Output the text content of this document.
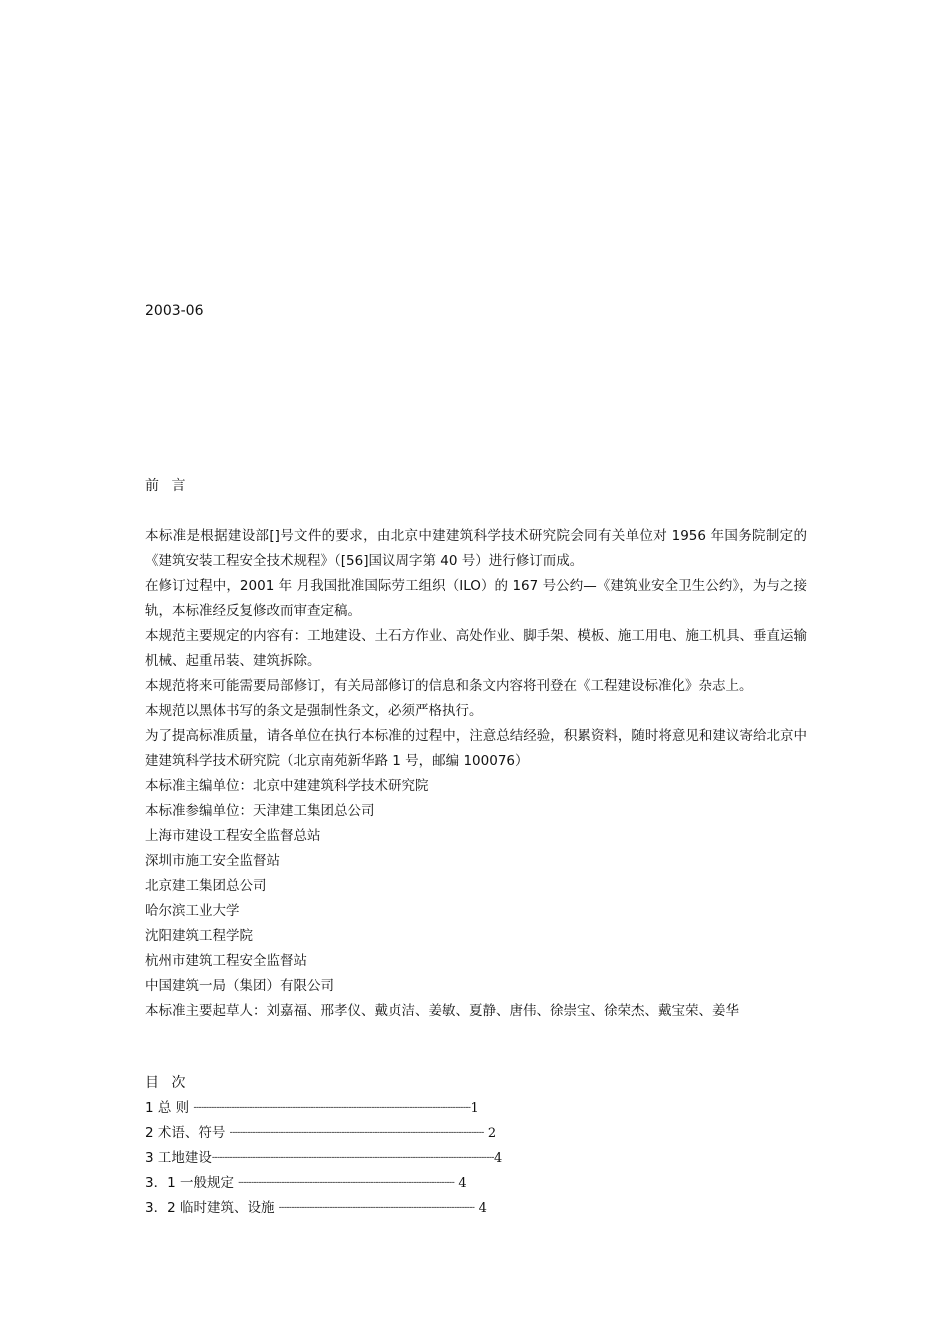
2003-06
前 言

本标准是根据建设部[]号文件的要求，由北京中建建筑科学技术研究院会同有关单位对 1956 年国务院制定的《建筑安装工程安全技术规程》（[56]国议周字第 40 号）进行修订而成。

在修订过程中，2001 年 月我国批准国际劳工组织（ILO）的 167 号公约—《建筑业安全卫生公约》，为与之接轨，本标准经反复修改而审查定稿。

本规范主要规定的内容有：工地建设、土石方作业、高处作业、脚手架、模板、施工用电、施工机具、垂直运输机械、起重吊装、建筑拆除。

本规范将来可能需要局部修订，有关局部修订的信息和条文内容将刊登在《工程建设标准化》杂志上。

本规范以黑体书写的条文是强制性条文，必须严格执行。

为了提高标准质量，请各单位在执行本标准的过程中，注意总结经验，积累资料，随时将意见和建议寄给北京中建建筑科学技术研究院（北京南苑新华路 1 号，邮编 100076）

本标准主编单位：北京中建建筑科学技术研究院

本标准参编单位：天津建工集团总公司

上海市建设工程安全监督总站

深圳市施工安全监督站

北京建工集团总公司

哈尔滨工业大学

沈阳建筑工程学院

杭州市建筑工程安全监督站

中国建筑一局（集团）有限公司

本标准主要起草人：刘嘉福、邢孝仪、戴贞洁、姜敏、夏静、唐伟、徐崇宝、徐荣杰、戴宝荣、姜华

目 次
1 总 则 -------------------------------------------------------------------------------------------------------------1
2 术语、符号 ---------------------------------------------------------------------------------------------------- 2
3 工地建设---------------------------------------------------------------------------------------------------------------4
3．1 一般规定 ------------------------------------------------------------------------------------- 4
3．2 临时建筑、设施 ----------------------------------------------------------------------------- 4
